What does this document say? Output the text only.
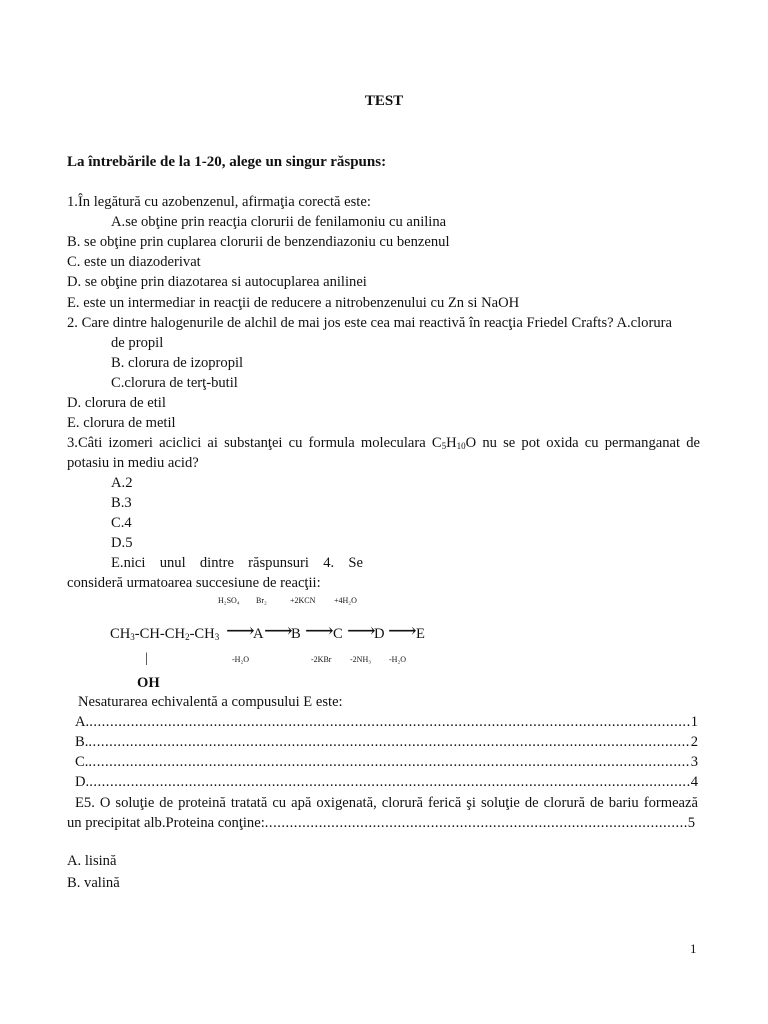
TEST
La întrebările de la 1-20, alege un singur răspuns:
1.În legătură cu azobenzenul, afirmaţia corectă este:
A.se obţine prin reacţia clorurii de fenilamoniu cu anilina
B. se obţine prin cuplarea clorurii de benzendiazoniu cu benzenul
C. este un diazoderivat
D. se obţine prin diazotarea si autocuplarea anilinei
E. este un intermediar in reacţii de reducere a nitrobenzenului cu Zn si NaOH
2. Care dintre halogenurile de alchil de mai jos este cea mai reactivă în reacţia Friedel Crafts? A.clorura
de propil
B. clorura de izopropil
C.clorura de terţ-butil
D. clorura de etil
E. clorura de metil
3.Câti izomeri aciclici ai substanţei cu formula moleculara $C_5H_{10}O$ nu se pot oxida cu permanganat de
potasiu in mediu acid?
A.2
B.3
C.4
D.5
E.nici unul dintre răspunsuri 4. Se
consideră urmatoarea succesiune de reacţii:
H₂SO₄ Br₂	+2KCN +4H₂O
$CH_3-CH-CH_2-CH_3$ ⟶
A ⟶
B ⟶ C ⟶
D ⟶ E
|	-H₂O	-2KBr -2NH₃ -H₂O
OH
Nesaturarea echivalentă a compusului E este:
A. .....	1
B. .....	2
C. .....	3
D. .....	4
E5. O soluţie de proteină tratată cu apă oxigenată, clorură ferică şi soluţie de clorură de bariu formează
un precipitat alb.Proteina conţine: .....	5
A. lisină
B. valină
1
